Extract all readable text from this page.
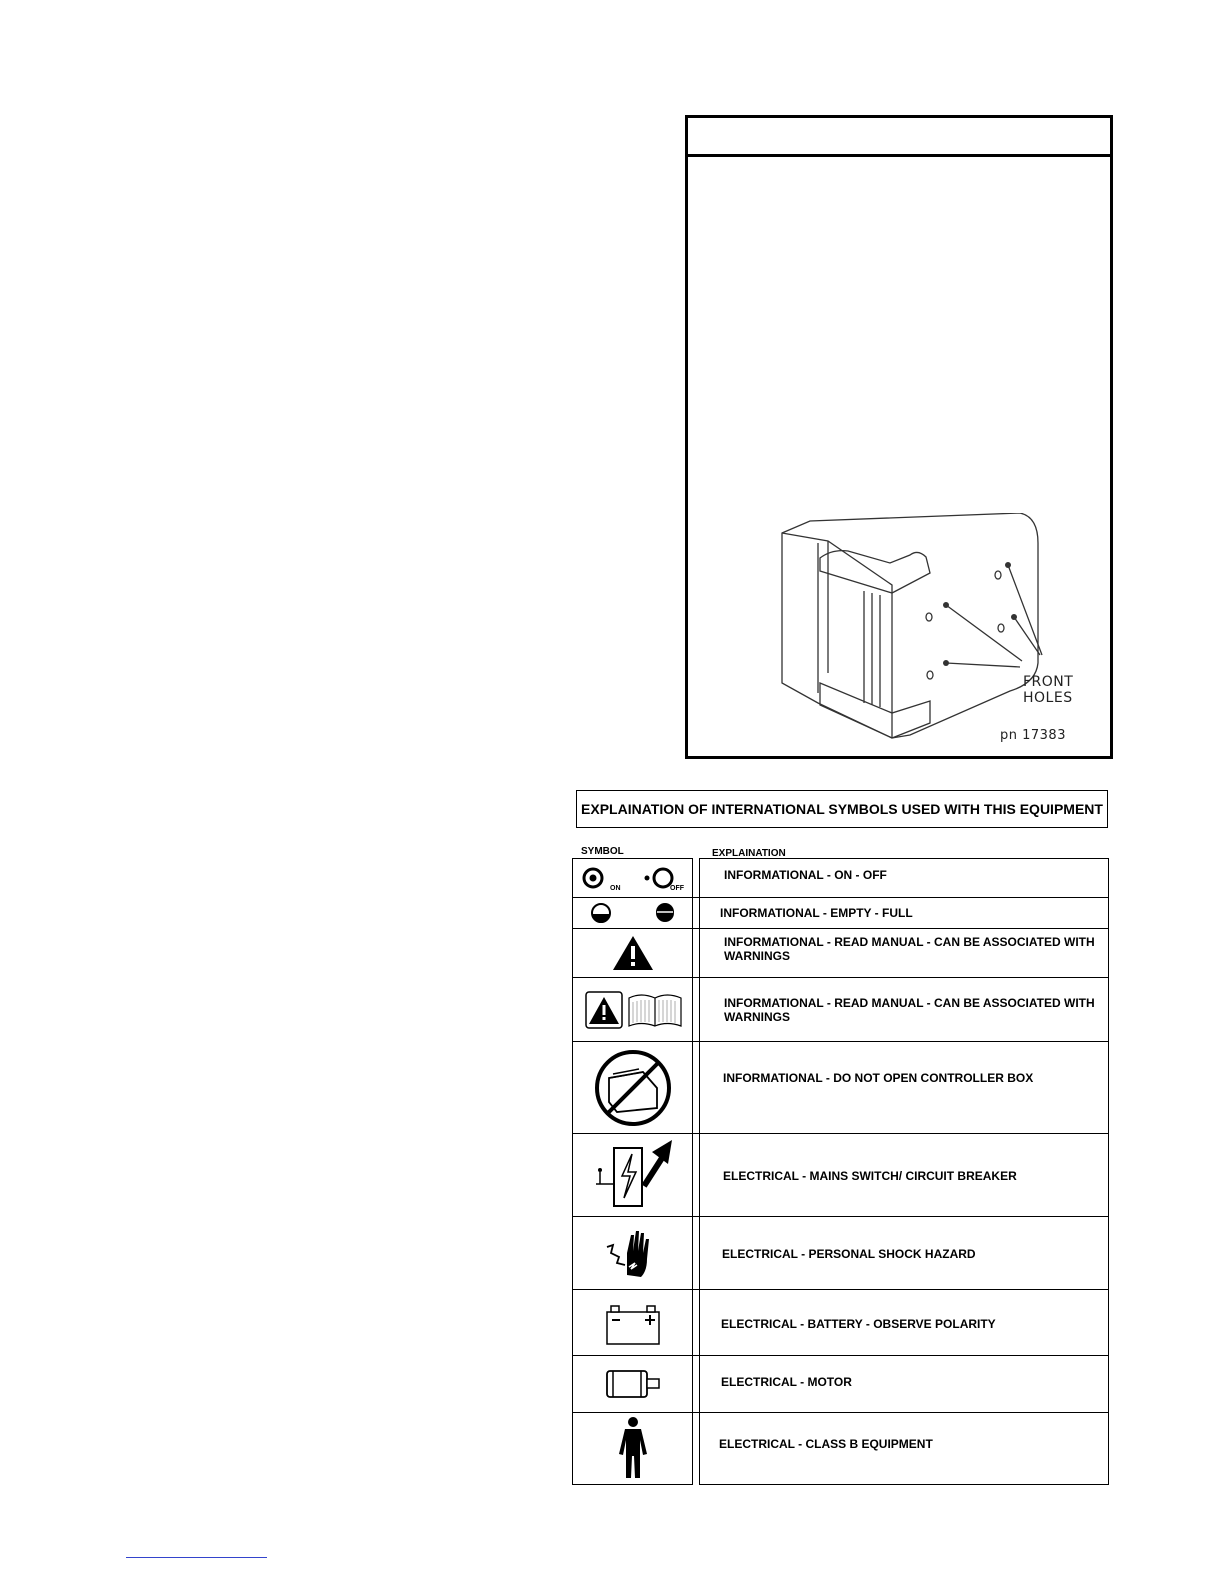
FRONT
HOLES
pn 17383
EXPLAINATION OF INTERNATIONAL SYMBOLS USED WITH THIS EQUIPMENT
SYMBOL	EXPLAINATION
ON	OFF
INFORMATIONAL - ON - OFF
INFORMATIONAL - EMPTY - FULL
INFORMATIONAL - READ MANUAL - CAN BE ASSOCIATED WITH WARNINGS
INFORMATIONAL - READ MANUAL - CAN BE ASSOCIATED WITH WARNINGS
INFORMATIONAL - DO NOT OPEN CONTROLLER BOX
ELECTRICAL - MAINS SWITCH/ CIRCUIT BREAKER
ELECTRICAL - PERSONAL SHOCK HAZARD
ELECTRICAL - BATTERY - OBSERVE POLARITY
ELECTRICAL - MOTOR
ELECTRICAL - CLASS B EQUIPMENT
